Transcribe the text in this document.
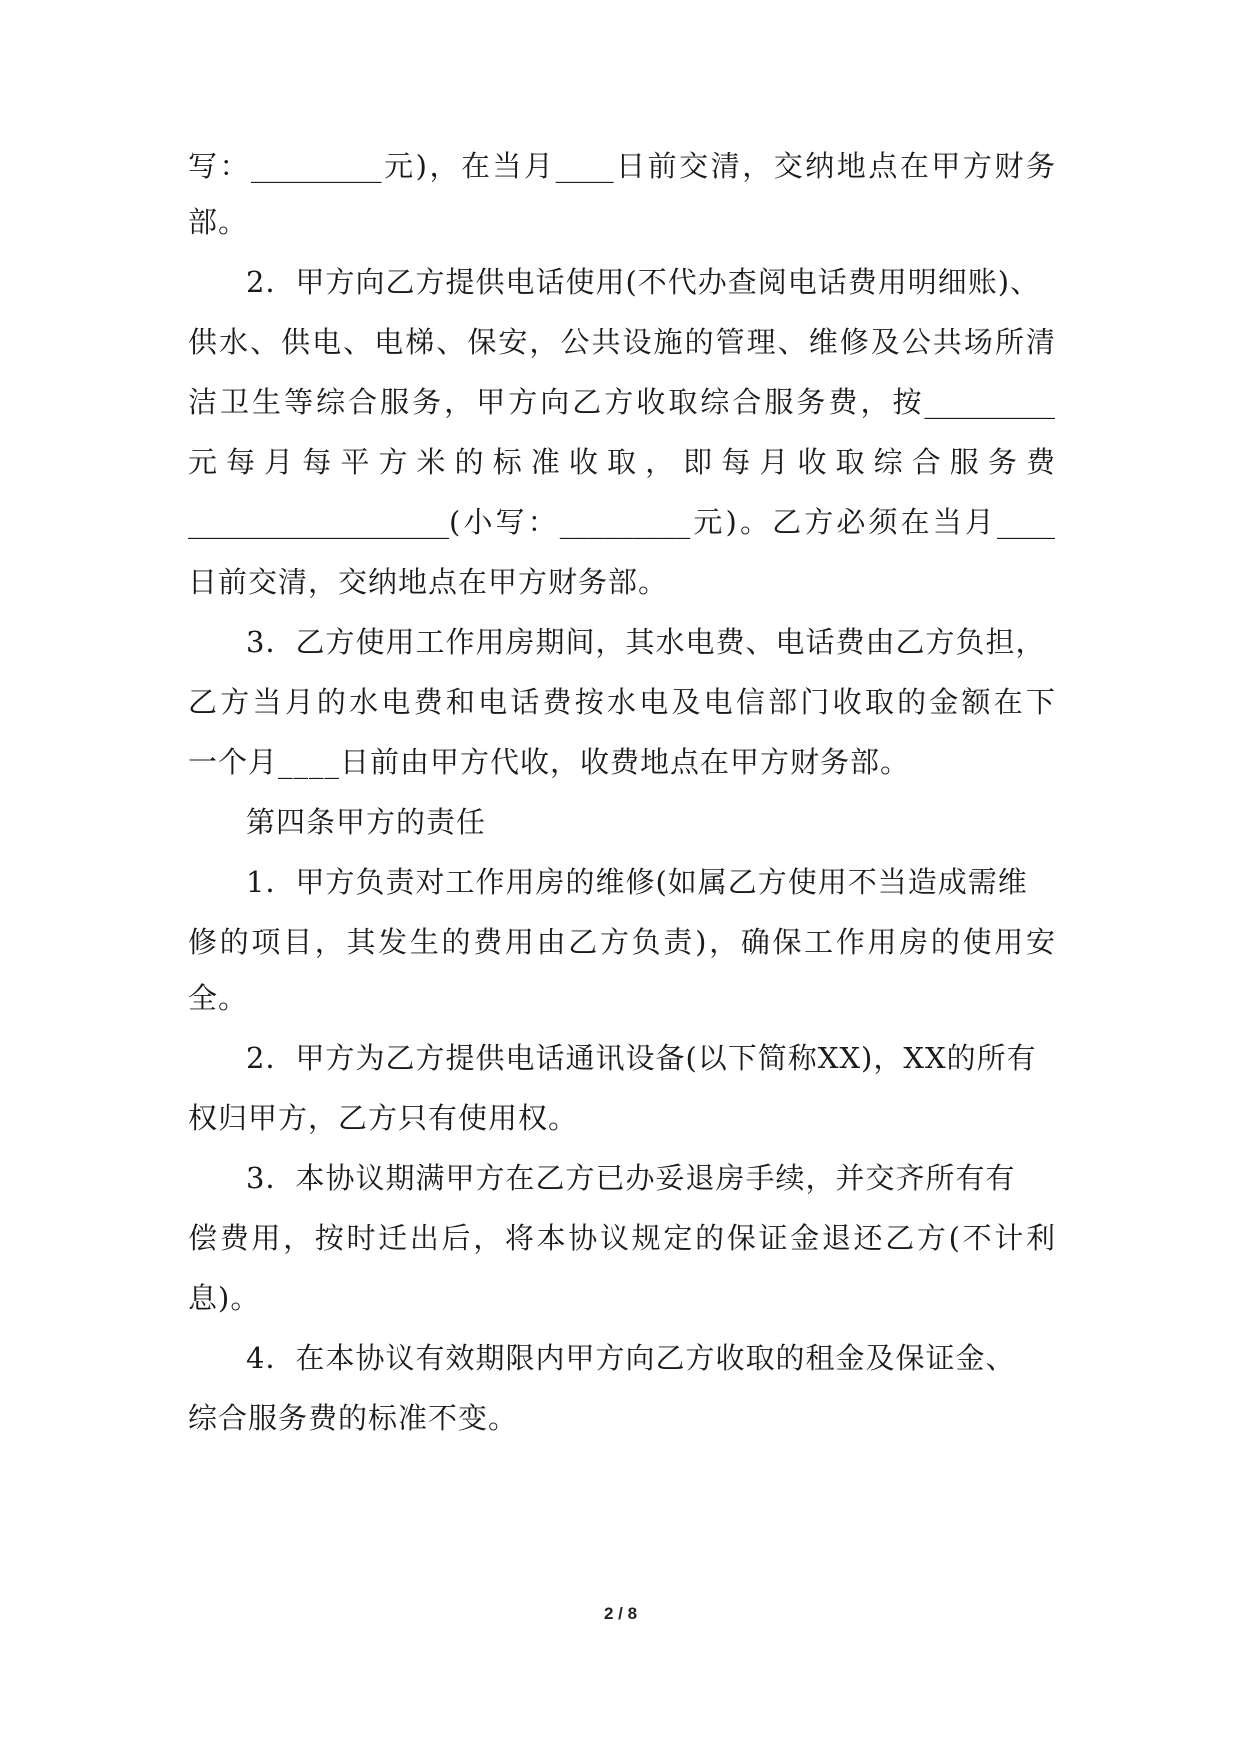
写：_________元)，在当月____日前交清，交纳地点在甲方财务
部。
2．甲方向乙方提供电话使用(不代办查阅电话费用明细账)、
供水、供电、电梯、保安，公共设施的管理、维修及公共场所清
洁卫生等综合服务，甲方向乙方收取综合服务费，按_________
元每月每平方米的标准收取，即每月收取综合服务费
__________________(小写：_________元)。乙方必须在当月____
日前交清，交纳地点在甲方财务部。
3．乙方使用工作用房期间，其水电费、电话费由乙方负担，
乙方当月的水电费和电话费按水电及电信部门收取的金额在下
一个月____日前由甲方代收，收费地点在甲方财务部。
第四条甲方的责任
1．甲方负责对工作用房的维修(如属乙方使用不当造成需维
修的项目，其发生的费用由乙方负责)，确保工作用房的使用安
全。
2．甲方为乙方提供电话通讯设备(以下简称XX)，XX的所有
权归甲方，乙方只有使用权。
3．本协议期满甲方在乙方已办妥退房手续，并交齐所有有
偿费用，按时迁出后，将本协议规定的保证金退还乙方(不计利
息)。
4．在本协议有效期限内甲方向乙方收取的租金及保证金、
综合服务费的标准不变。
2 / 8
